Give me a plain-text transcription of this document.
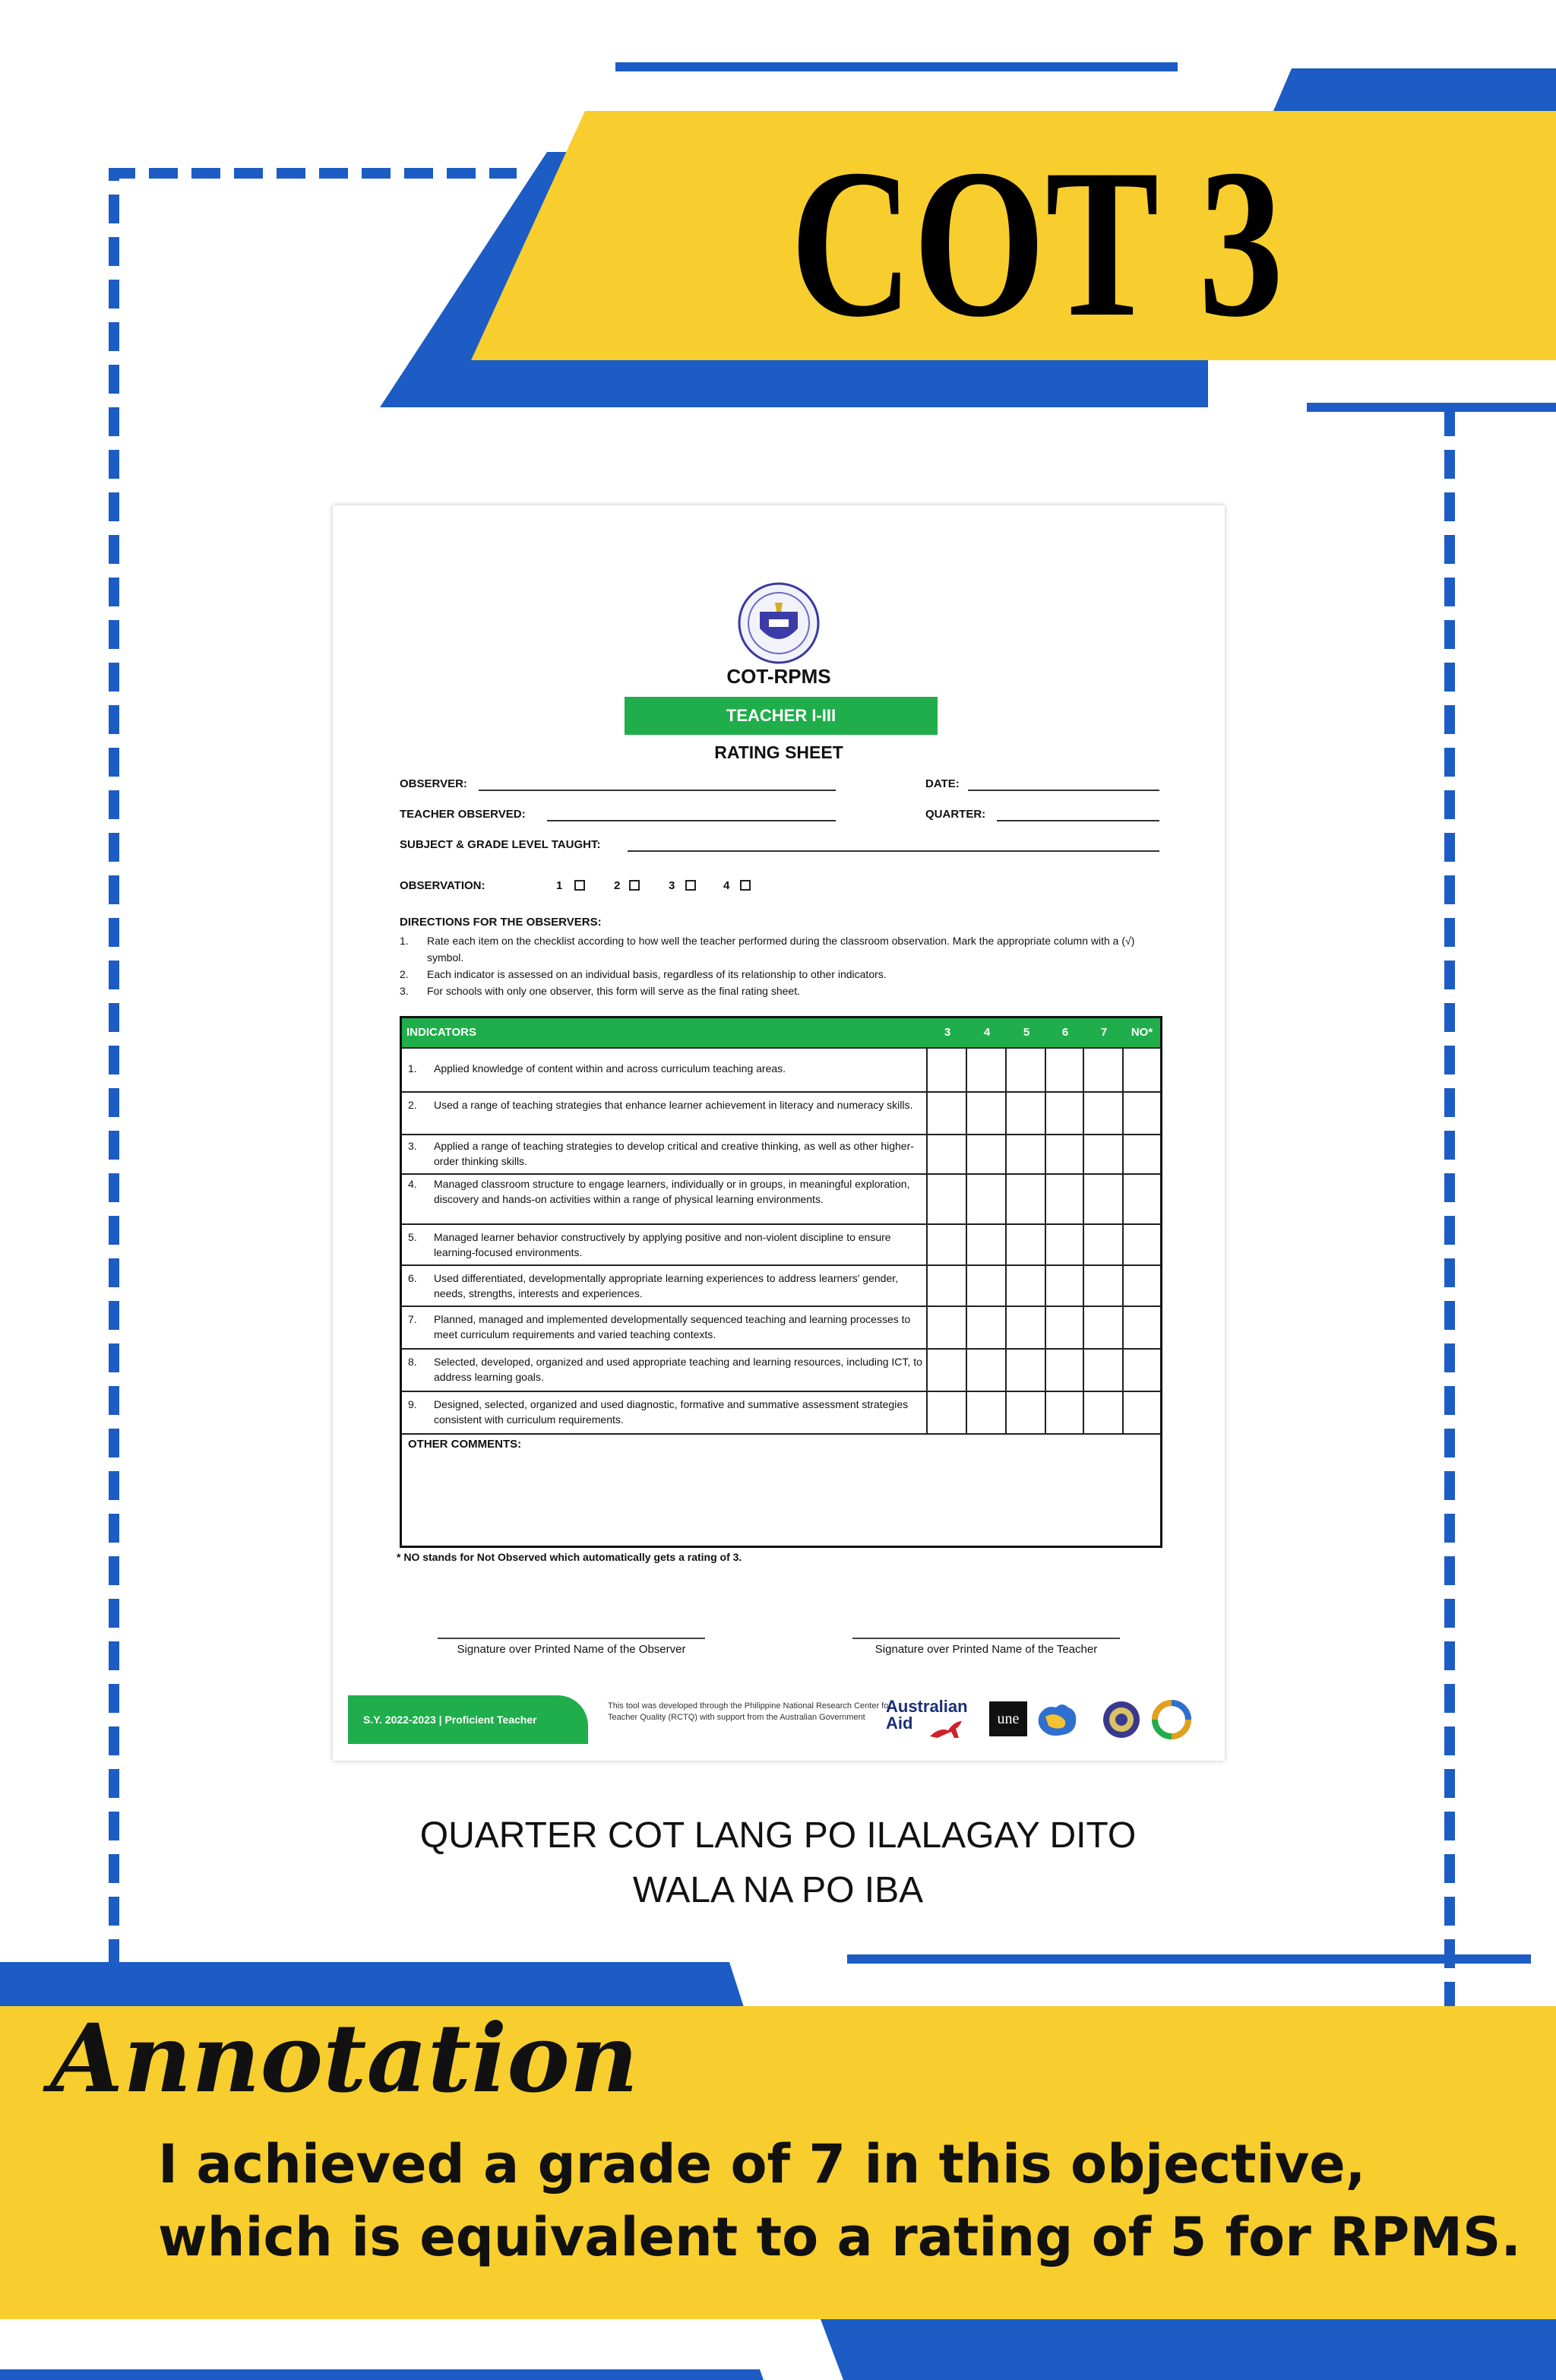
COT 3
COT-RPMS
TEACHER I-III
RATING SHEET
OBSERVER:	DATE:
TEACHER OBSERVED:	QUARTER:
SUBJECT & GRADE LEVEL TAUGHT:
OBSERVATION:	1	2	3	4
DIRECTIONS FOR THE OBSERVERS:
1. Rate each item on the checklist according to how well the teacher performed during the classroom observation. Mark the appropriate column with a (√) symbol.
2. Each indicator is assessed on an individual basis, regardless of its relationship to other indicators.
3. For schools with only one observer, this form will serve as the final rating sheet.
INDICATORS	3	4	5	6	7	NO*
1. Applied knowledge of content within and across curriculum teaching areas.
2. Used a range of teaching strategies that enhance learner achievement in literacy and numeracy skills.
3. Applied a range of teaching strategies to develop critical and creative thinking, as well as other higher-order thinking skills.
4. Managed classroom structure to engage learners, individually or in groups, in meaningful exploration, discovery and hands-on activities within a range of physical learning environments.
5. Managed learner behavior constructively by applying positive and non-violent discipline to ensure learning-focused environments.
6. Used differentiated, developmentally appropriate learning experiences to address learners' gender, needs, strengths, interests and experiences.
7. Planned, managed and implemented developmentally sequenced teaching and learning processes to meet curriculum requirements and varied teaching contexts.
8. Selected, developed, organized and used appropriate teaching and learning resources, including ICT, to address learning goals.
9. Designed, selected, organized and used diagnostic, formative and summative assessment strategies consistent with curriculum requirements.
OTHER COMMENTS:
* NO stands for Not Observed which automatically gets a rating of 3.
Signature over Printed Name of the Observer	Signature over Printed Name of the Teacher
S.Y. 2022-2023 | Proficient Teacher
This tool was developed through the Philippine National Research Center for Teacher Quality (RCTQ) with support from the Australian Government
Australian
Aid	une
QUARTER COT LANG PO ILALAGAY DITO
WALA NA PO IBA
Annotation
I achieved a grade of 7 in this objective,
which is equivalent to a rating of 5 for RPMS.
